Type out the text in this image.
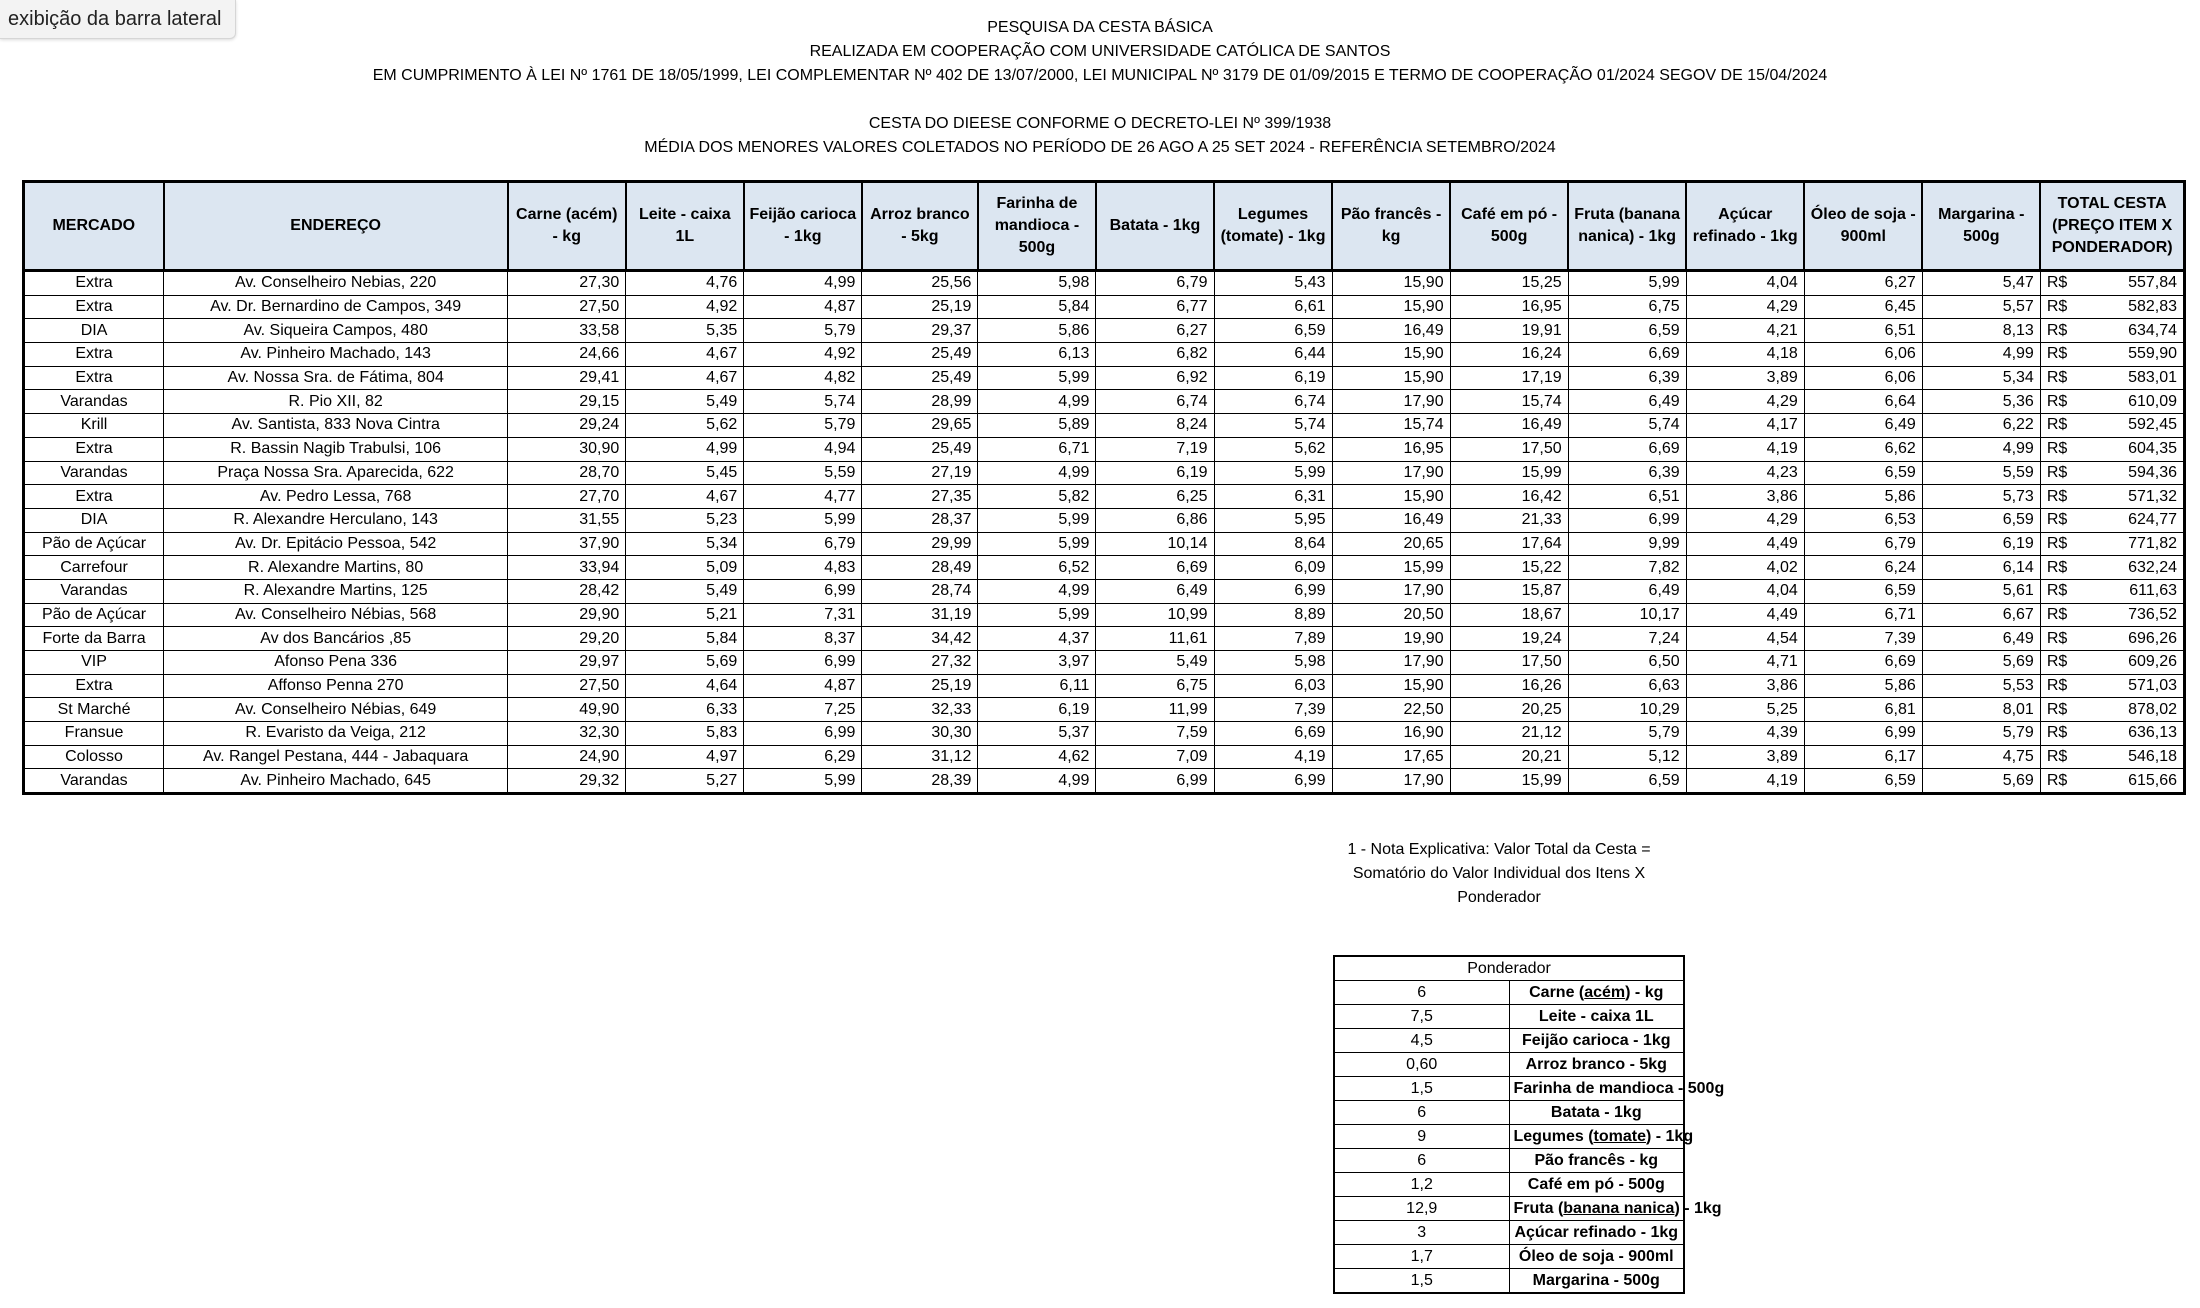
exibição da barra lateral	PESQUISA DA CESTA BÁSICA
REALIZADA EM COOPERAÇÃO COM UNIVERSIDADE CATÓLICA DE SANTOS
EM CUMPRIMENTO À LEI Nº 1761 DE 18/05/1999, LEI COMPLEMENTAR Nº 402 DE 13/07/2000, LEI MUNICIPAL Nº 3179 DE 01/09/2015 E TERMO DE COOPERAÇÃO 01/2024 SEGOV DE 15/04/2024
CESTA DO DIEESE CONFORME O DECRETO-LEI Nº 399/1938
MÉDIA DOS MENORES VALORES COLETADOS NO PERÍODO DE 26 AGO A 25 SET 2024 - REFERÊNCIA SETEMBRO/2024
MERCADO	ENDEREÇO	Carne (acém) - kg	Leite - caixa 1L	Feijão carioca - 1kg	Arroz branco - 5kg	Farinha de mandioca - 500g	Batata - 1kg	Legumes (tomate) - 1kg	Pão francês - kg	Café em pó - 500g	Fruta (banana nanica) - 1kg	Açúcar refinado - 1kg	Óleo de soja - 900ml	Margarina - 500g	TOTAL CESTA (PREÇO ITEM X PONDERADOR)
Extra	Av. Conselheiro Nebias, 220	27,30	4,76	4,99	25,56	5,98	6,79	5,43	15,90	15,25	5,99	4,04	6,27	5,47	R$ 557,84
Extra	Av. Dr. Bernardino de Campos, 349	27,50	4,92	4,87	25,19	5,84	6,77	6,61	15,90	16,95	6,75	4,29	6,45	5,57	R$ 582,83
DIA	Av. Siqueira Campos, 480	33,58	5,35	5,79	29,37	5,86	6,27	6,59	16,49	19,91	6,59	4,21	6,51	8,13	R$ 634,74
Extra	Av. Pinheiro Machado, 143	24,66	4,67	4,92	25,49	6,13	6,82	6,44	15,90	16,24	6,69	4,18	6,06	4,99	R$ 559,90
Extra	Av. Nossa Sra. de Fátima, 804	29,41	4,67	4,82	25,49	5,99	6,92	6,19	15,90	17,19	6,39	3,89	6,06	5,34	R$ 583,01
Varandas	R. Pio XII, 82	29,15	5,49	5,74	28,99	4,99	6,74	6,74	17,90	15,74	6,49	4,29	6,64	5,36	R$ 610,09
Krill	Av. Santista, 833 Nova Cintra	29,24	5,62	5,79	29,65	5,89	8,24	5,74	15,74	16,49	5,74	4,17	6,49	6,22	R$ 592,45
Extra	R. Bassin Nagib Trabulsi, 106	30,90	4,99	4,94	25,49	6,71	7,19	5,62	16,95	17,50	6,69	4,19	6,62	4,99	R$ 604,35
Varandas	Praça Nossa Sra. Aparecida, 622	28,70	5,45	5,59	27,19	4,99	6,19	5,99	17,90	15,99	6,39	4,23	6,59	5,59	R$ 594,36
Extra	Av. Pedro Lessa, 768	27,70	4,67	4,77	27,35	5,82	6,25	6,31	15,90	16,42	6,51	3,86	5,86	5,73	R$ 571,32
DIA	R. Alexandre Herculano, 143	31,55	5,23	5,99	28,37	5,99	6,86	5,95	16,49	21,33	6,99	4,29	6,53	6,59	R$ 624,77
Pão de Açúcar	Av. Dr. Epitácio Pessoa, 542	37,90	5,34	6,79	29,99	5,99	10,14	8,64	20,65	17,64	9,99	4,49	6,79	6,19	R$ 771,82
Carrefour	R. Alexandre Martins, 80	33,94	5,09	4,83	28,49	6,52	6,69	6,09	15,99	15,22	7,82	4,02	6,24	6,14	R$ 632,24
Varandas	R. Alexandre Martins, 125	28,42	5,49	6,99	28,74	4,99	6,49	6,99	17,90	15,87	6,49	4,04	6,59	5,61	R$ 611,63
Pão de Açúcar	Av. Conselheiro Nébias, 568	29,90	5,21	7,31	31,19	5,99	10,99	8,89	20,50	18,67	10,17	4,49	6,71	6,67	R$ 736,52
Forte da Barra	Av dos Bancários ,85	29,20	5,84	8,37	34,42	4,37	11,61	7,89	19,90	19,24	7,24	4,54	7,39	6,49	R$ 696,26
VIP	Afonso Pena 336	29,97	5,69	6,99	27,32	3,97	5,49	5,98	17,90	17,50	6,50	4,71	6,69	5,69	R$ 609,26
Extra	Affonso Penna 270	27,50	4,64	4,87	25,19	6,11	6,75	6,03	15,90	16,26	6,63	3,86	5,86	5,53	R$ 571,03
St Marché	Av. Conselheiro Nébias, 649	49,90	6,33	7,25	32,33	6,19	11,99	7,39	22,50	20,25	10,29	5,25	6,81	8,01	R$ 878,02
Fransue	R. Evaristo da Veiga, 212	32,30	5,83	6,99	30,30	5,37	7,59	6,69	16,90	21,12	5,79	4,39	6,99	5,79	R$ 636,13
Colosso	Av. Rangel Pestana, 444 - Jabaquara	24,90	4,97	6,29	31,12	4,62	7,09	4,19	17,65	20,21	5,12	3,89	6,17	4,75	R$ 546,18
Varandas	Av. Pinheiro Machado, 645	29,32	5,27	5,99	28,39	4,99	6,99	6,99	17,90	15,99	6,59	4,19	6,59	5,69	R$ 615,66
1 - Nota Explicativa: Valor Total da Cesta =
Somatório do Valor Individual dos Itens X
Ponderador
Ponderador	
6	Carne (acém) - kg
7,5	Leite - caixa 1L
4,5	Feijão carioca - 1kg
0,60	Arroz branco - 5kg
1,5	Farinha de mandioca - 500g
6	Batata - 1kg
9	Legumes (tomate) - 1kg
6	Pão francês - kg
1,2	Café em pó - 500g
12,9	Fruta (banana nanica) - 1kg
3	Açúcar refinado - 1kg
1,7	Óleo de soja - 900ml
1,5	Margarina - 500g
